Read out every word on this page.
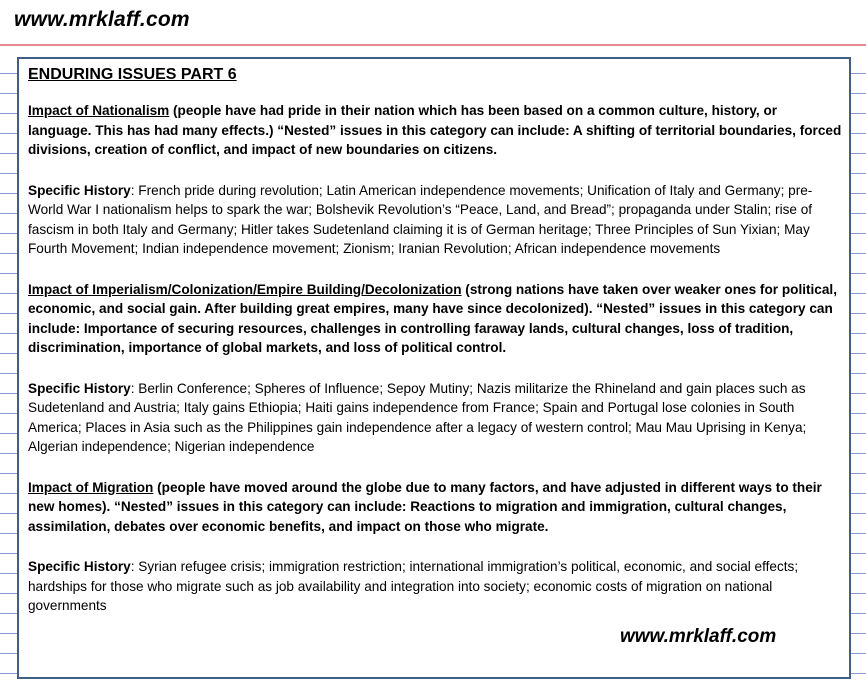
www.mrklaff.com
ENDURING ISSUES PART 6
Impact of Nationalism (people have had pride in their nation which has been based on a common culture, history, or language. This has had many effects.) “Nested” issues in this category can include: A shifting of territorial boundaries, forced divisions, creation of conflict, and impact of new boundaries on citizens.
Specific History: French pride during revolution; Latin American independence movements; Unification of Italy and Germany; pre-World War I nationalism helps to spark the war; Bolshevik Revolution’s “Peace, Land, and Bread”; propaganda under Stalin; rise of fascism in both Italy and Germany; Hitler takes Sudetenland claiming it is of German heritage; Three Principles of Sun Yixian; May Fourth Movement; Indian independence movement; Zionism; Iranian Revolution; African independence movements
Impact of Imperialism/Colonization/Empire Building/Decolonization (strong nations have taken over weaker ones for political, economic, and social gain. After building great empires, many have since decolonized). “Nested” issues in this category can include: Importance of securing resources, challenges in controlling faraway lands, cultural changes, loss of tradition, discrimination, importance of global markets, and loss of political control.
Specific History: Berlin Conference; Spheres of Influence; Sepoy Mutiny; Nazis militarize the Rhineland and gain places such as Sudetenland and Austria; Italy gains Ethiopia; Haiti gains independence from France; Spain and Portugal lose colonies in South America; Places in Asia such as the Philippines gain independence after a legacy of western control; Mau Mau Uprising in Kenya; Algerian independence; Nigerian independence
Impact of Migration (people have moved around the globe due to many factors, and have adjusted in different ways to their new homes). “Nested” issues in this category can include: Reactions to migration and immigration, cultural changes, assimilation, debates over economic benefits, and impact on those who migrate.
Specific History: Syrian refugee crisis; immigration restriction; international immigration’s political, economic, and social effects; hardships for those who migrate such as job availability and integration into society; economic costs of migration on national governments
www.mrklaff.com
